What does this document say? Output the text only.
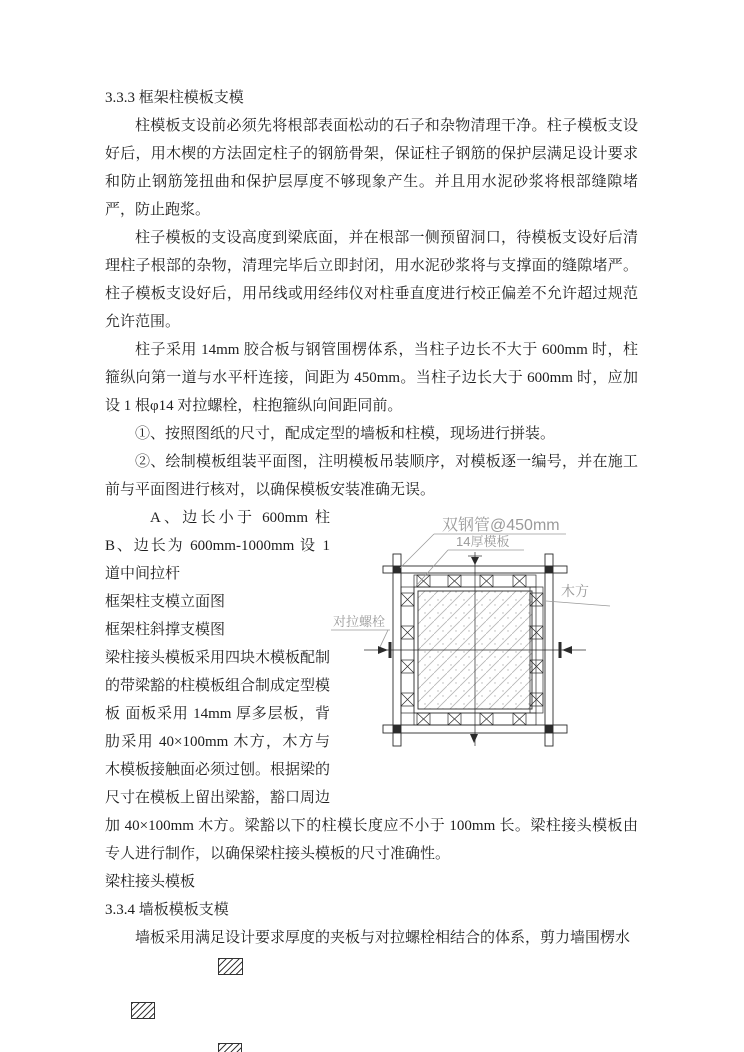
3.3.3 框架柱模板支模

柱模板支设前必须先将根部表面松动的石子和杂物清理干净。柱子模板支设好后，用木楔的方法固定柱子的钢筋骨架，保证柱子钢筋的保护层满足设计要求和防止钢筋笼扭曲和保护层厚度不够现象产生。并且用水泥砂浆将根部缝隙堵严，防止跑浆。

柱子模板的支设高度到梁底面，并在根部一侧预留洞口，待模板支设好后清理柱子根部的杂物，清理完毕后立即封闭，用水泥砂浆将与支撑面的缝隙堵严。柱子模板支设好后，用吊线或用经纬仪对柱垂直度进行校正偏差不允许超过规范允许范围。

柱子采用 14mm 胶合板与钢管围楞体系，当柱子边长不大于 600mm 时，柱箍纵向第一道与水平杆连接，间距为 450mm。当柱子边长大于 600mm 时，应加设 1 根φ14 对拉螺栓，柱抱箍纵向间距同前。

①、按照图纸的尺寸，配成定型的墙板和柱模，现场进行拼装。

②、绘制模板组装平面图，注明模板吊装顺序，对模板逐一编号，并在施工前与平面图进行核对，以确保模板安装准确无误。

双钢管@450mm
14厚模板
木方
对拉螺栓

A、边长小于 600mm 柱 B、边长为 600mm-1000mm 设 1 道中间拉杆

框架柱支模立面图

框架柱斜撑支模图

梁柱接头模板采用四块木模板配制的带梁豁的柱模板组合制成定型模板 面板采用 14mm 厚多层板，背肋采用 40×100mm 木方，木方与木模板接触面必须过刨。根据梁的尺寸在模板上留出梁豁，豁口周边加 40×100mm 木方。梁豁以下的柱模长度应不小于 100mm 长。梁柱接头模板由专人进行制作，以确保梁柱接头模板的尺寸准确性。

梁柱接头模板

3.3.4 墙板模板支模

墙板采用满足设计要求厚度的夹板与对拉螺栓相结合的体系，剪力墙围楞水
